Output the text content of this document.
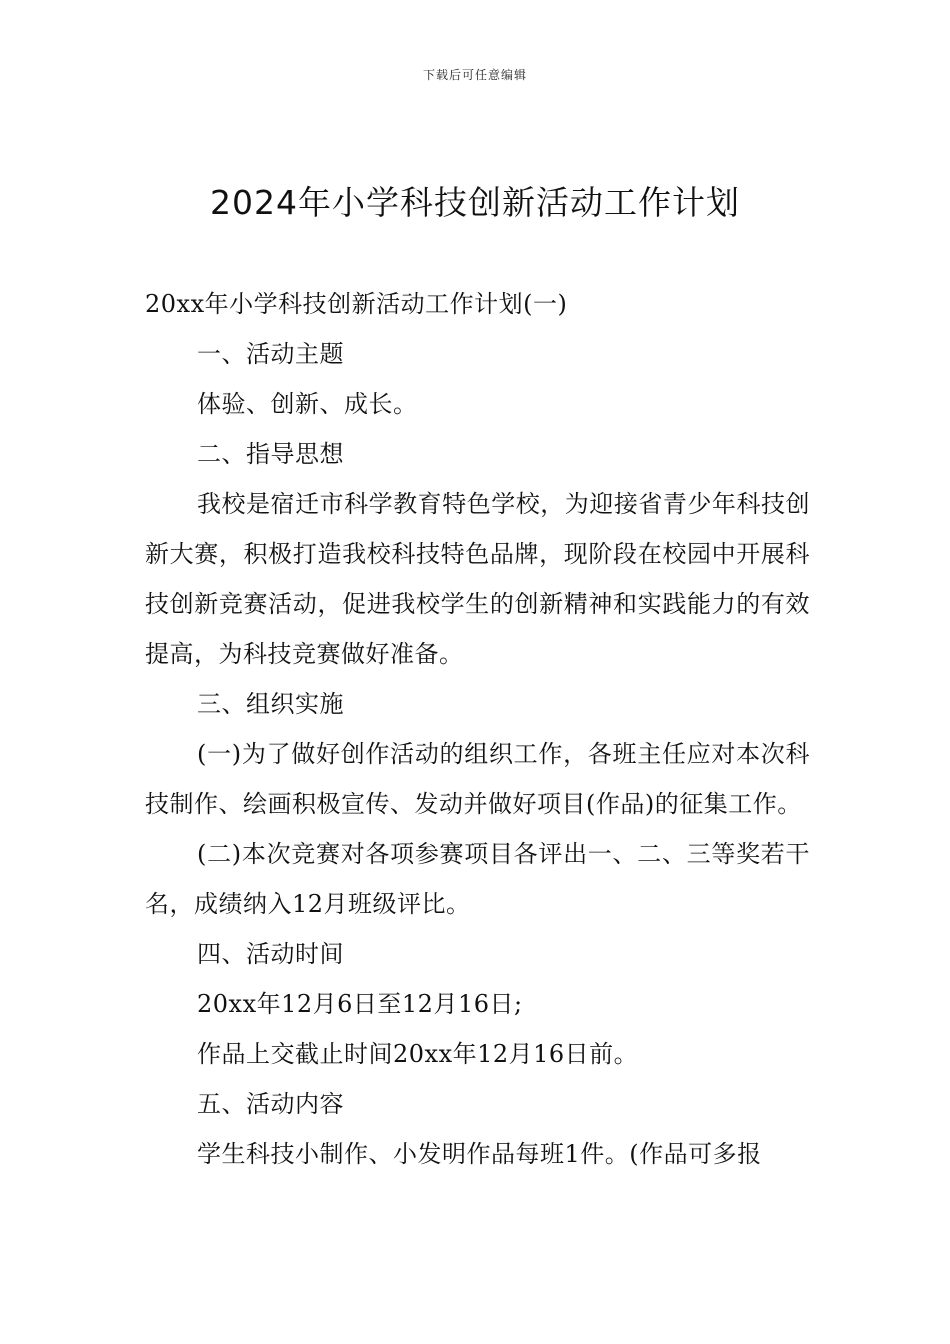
下载后可任意编辑
2024年小学科技创新活动工作计划

20xx年小学科技创新活动工作计划(一)

一、活动主题

体验、创新、成长。

二、指导思想

我校是宿迁市科学教育特色学校，为迎接省青少年科技创新大赛，积极打造我校科技特色品牌，现阶段在校园中开展科技创新竞赛活动，促进我校学生的创新精神和实践能力的有效提高，为科技竞赛做好准备。

三、组织实施

(一)为了做好创作活动的组织工作，各班主任应对本次科技制作、绘画积极宣传、发动并做好项目(作品)的征集工作。

(二)本次竞赛对各项参赛项目各评出一、二、三等奖若干名，成绩纳入12月班级评比。

四、活动时间

20xx年12月6日至12月16日;

作品上交截止时间20xx年12月16日前。

五、活动内容

学生科技小制作、小发明作品每班1件。(作品可多报
